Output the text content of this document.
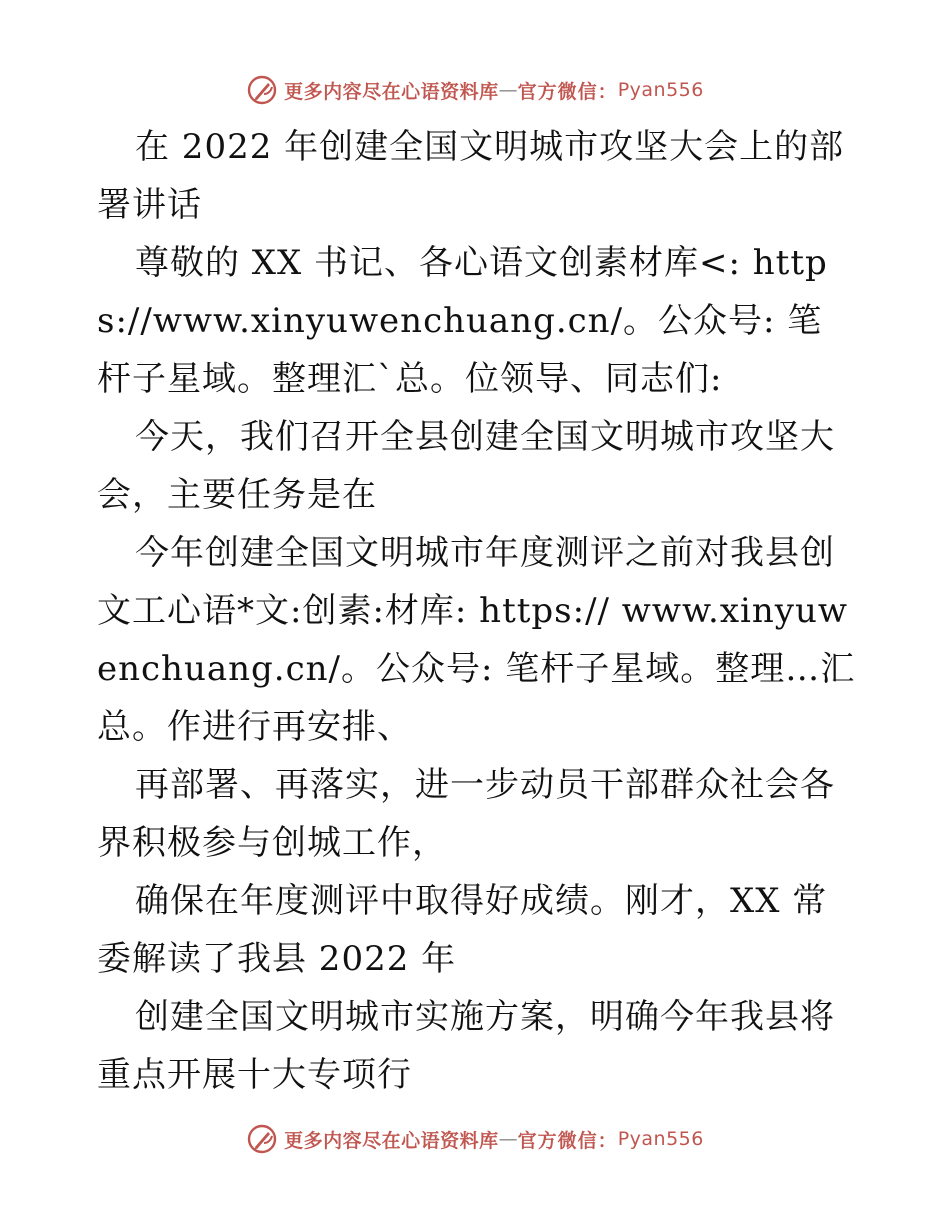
更多内容尽在心语资料库 — 官方微信： Pyan556

在 2022 年创建全国文明城市攻坚大会上的部署讲话

尊敬的 XX 书记、各心语文创素材库<: https://www.xinyuwenchuang.cn/。公众号: 笔杆子星域。整理汇`总。位领导、同志们:

今天，我们召开全县创建全国文明城市攻坚大会，主要任务是在

今年创建全国文明城市年度测评之前对我县创文工心语*文:创素:材库: https:// www.xinyuwenchuang.cn/。公众号: 笔杆子星域。整理…汇总。作进行再安排、

再部署、再落实，进一步动员干部群众社会各界积极参与创城工作，

确保在年度测评中取得好成绩。刚才，XX 常委解读了我县 2022 年

创建全国文明城市实施方案，明确今年我县将重点开展十大专项行

更多内容尽在心语资料库 — 官方微信： Pyan556
